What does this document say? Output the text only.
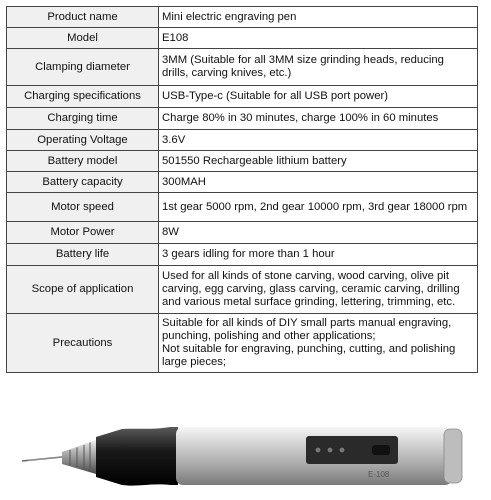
Product name	Mini electric engraving pen

Model	E108

Clamping diameter	3MM (Suitable for all 3MM size grinding heads, reducing
drills, carving knives, etc.)

Charging specifications	USB-Type-c (Suitable for all USB port power)

Charging time	Charge 80% in 30 minutes, charge 100% in 60 minutes

Operating Voltage	3.6V

Battery model	501550 Rechargeable lithium battery

Battery capacity	300MAH

Motor speed	1st gear 5000 rpm, 2nd gear 10000 rpm, 3rd gear 18000 rpm

Motor Power	8W

Battery life	3 gears idling for more than 1 hour

Scope of application	Used for all kinds of stone carving, wood carving, olive pit
carving, egg carving, glass carving, ceramic carving, drilling
and various metal surface grinding, lettering, trimming, etc.

Precautions	Suitable for all kinds of DIY small parts manual engraving,
punching, polishing and other applications;
Not suitable for engraving, punching, cutting, and polishing
large pieces;
E-108
